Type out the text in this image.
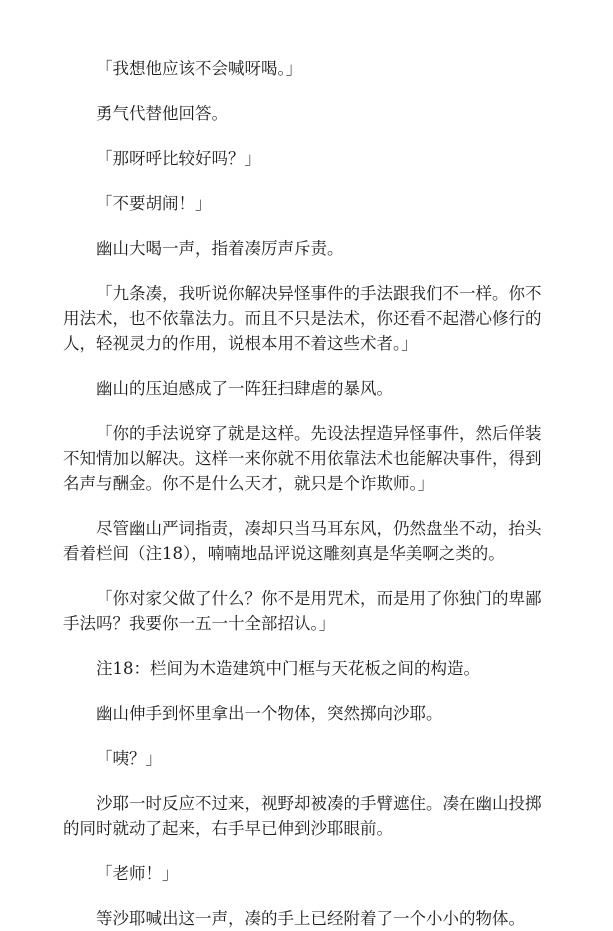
「我想他应该不会喊呀喝。」

勇气代替他回答。

「那呀呼比较好吗？」

「不要胡闹！」

幽山大喝一声，指着凑厉声斥责。

「九条凑，我听说你解决异怪事件的手法跟我们不一样。你不用法术，也不依靠法力。而且不只是法术，你还看不起潜心修行的人，轻视灵力的作用，说根本用不着这些术者。」

幽山的压迫感成了一阵狂扫肆虐的暴风。

「你的手法说穿了就是这样。先设法捏造异怪事件，然后佯装不知情加以解决。这样一来你就不用依靠法术也能解决事件，得到名声与酬金。你不是什么天才，就只是个诈欺师。」

尽管幽山严词指责，凑却只当马耳东风，仍然盘坐不动，抬头看着栏间（注18），喃喃地品评说这雕刻真是华美啊之类的。

「你对家父做了什么？你不是用咒术，而是用了你独门的卑鄙手法吗？我要你一五一十全部招认。」

注18：栏间为木造建筑中门框与天花板之间的构造。

幽山伸手到怀里拿出一个物体，突然掷向沙耶。

「咦？」

沙耶一时反应不过来，视野却被凑的手臂遮住。凑在幽山投掷的同时就动了起来，右手早已伸到沙耶眼前。

「老师！」

等沙耶喊出这一声，凑的手上已经附着了一个小小的物体。
